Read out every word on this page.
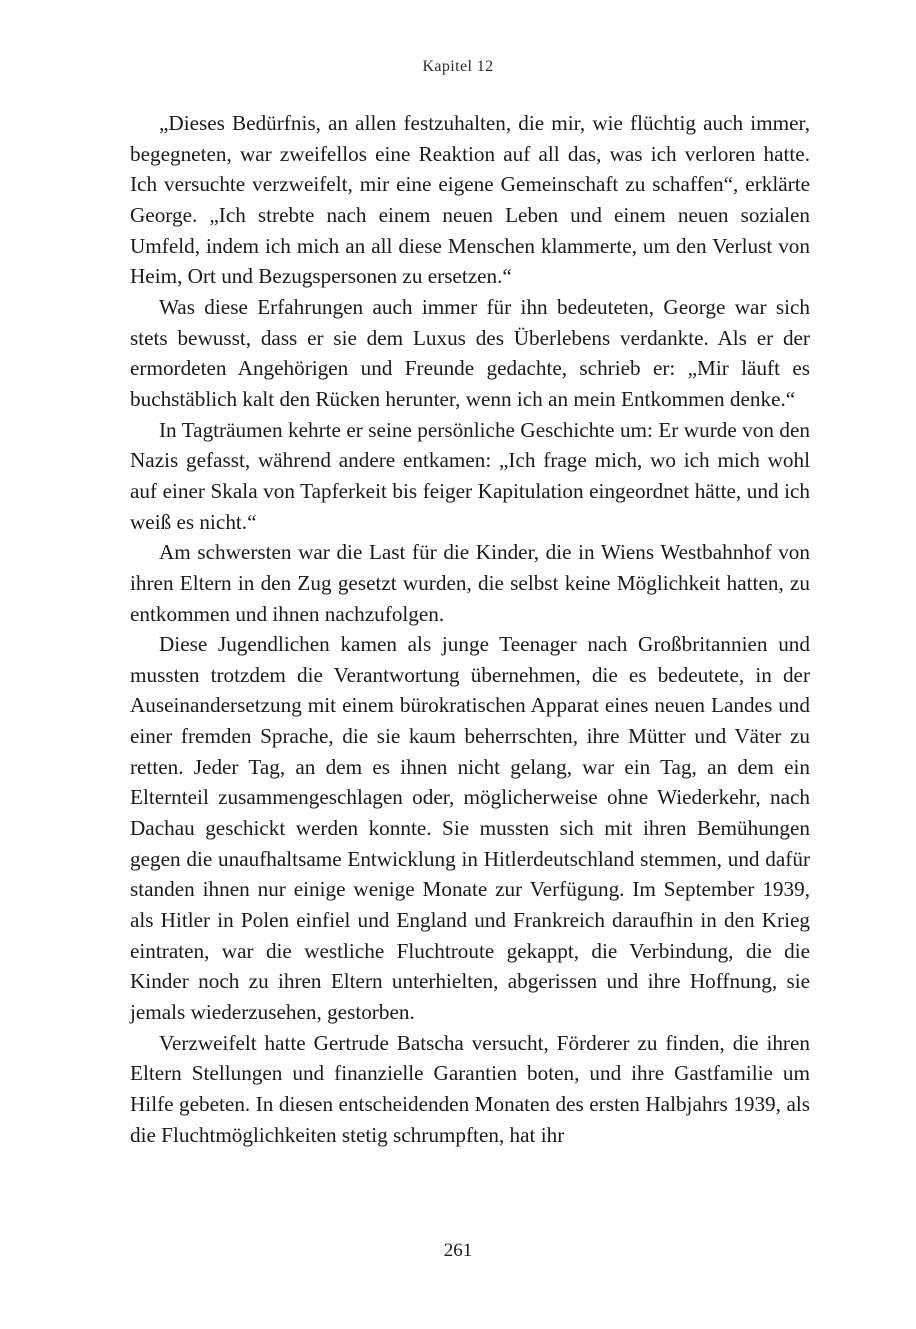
Kapitel 12

„Dieses Bedürfnis, an allen festzuhalten, die mir, wie flüchtig auch immer, begegneten, war zweifellos eine Reaktion auf all das, was ich verloren hatte. Ich versuchte verzweifelt, mir eine eigene Gemeinschaft zu schaffen“, erklärte George. „Ich strebte nach einem neuen Leben und einem neuen sozialen Umfeld, indem ich mich an all diese Menschen klammerte, um den Verlust von Heim, Ort und Bezugspersonen zu ersetzen.“

Was diese Erfahrungen auch immer für ihn bedeuteten, George war sich stets bewusst, dass er sie dem Luxus des Überlebens verdankte. Als er der ermordeten Angehörigen und Freunde gedachte, schrieb er: „Mir läuft es buchstäblich kalt den Rücken herunter, wenn ich an mein Entkommen denke.“

In Tagträumen kehrte er seine persönliche Geschichte um: Er wurde von den Nazis gefasst, während andere entkamen: „Ich frage mich, wo ich mich wohl auf einer Skala von Tapferkeit bis feiger Kapitulation eingeordnet hätte, und ich weiß es nicht.“

Am schwersten war die Last für die Kinder, die in Wiens Westbahnhof von ihren Eltern in den Zug gesetzt wurden, die selbst keine Möglichkeit hatten, zu entkommen und ihnen nachzufolgen.

Diese Jugendlichen kamen als junge Teenager nach Großbritannien und mussten trotzdem die Verantwortung übernehmen, die es bedeutete, in der Auseinandersetzung mit einem bürokratischen Apparat eines neuen Landes und einer fremden Sprache, die sie kaum beherrschten, ihre Mütter und Väter zu retten. Jeder Tag, an dem es ihnen nicht gelang, war ein Tag, an dem ein Elternteil zusammengeschlagen oder, möglicherweise ohne Wiederkehr, nach Dachau geschickt werden konnte. Sie mussten sich mit ihren Bemühungen gegen die unaufhaltsame Entwicklung in Hitlerdeutschland stemmen, und dafür standen ihnen nur einige wenige Monate zur Verfügung. Im September 1939, als Hitler in Polen einfiel und England und Frankreich daraufhin in den Krieg eintraten, war die westliche Fluchtroute gekappt, die Verbindung, die die Kinder noch zu ihren Eltern unterhielten, abgerissen und ihre Hoffnung, sie jemals wiederzusehen, gestorben.

Verzweifelt hatte Gertrude Batscha versucht, Förderer zu finden, die ihren Eltern Stellungen und finanzielle Garantien boten, und ihre Gastfamilie um Hilfe gebeten. In diesen entscheidenden Monaten des ersten Halbjahrs 1939, als die Fluchtmöglichkeiten stetig schrumpften, hat ihr

261
